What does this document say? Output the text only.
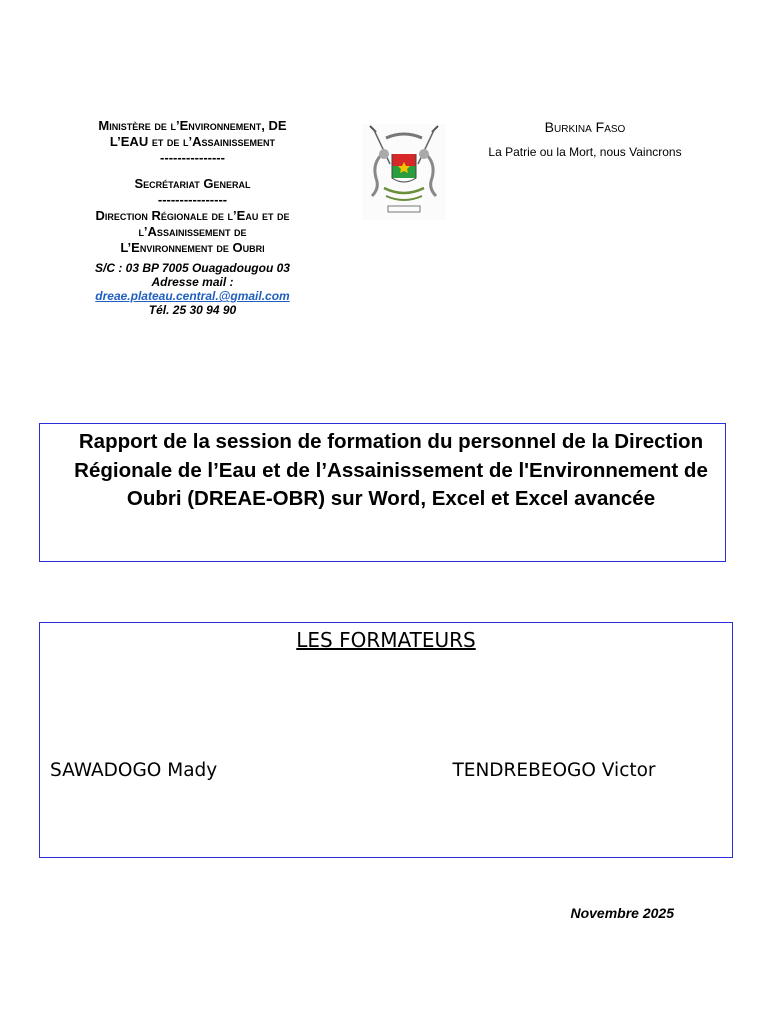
Ministère de l’Environnement, DE
L’EAU et de l’Assainissement
---------------
Secrétariat General
----------------
Direction Régionale de l’Eau et de
l’Assainissement de
L’Environnement de Oubri
S/C : 03 BP 7005 Ouagadougou 03
Adresse mail :
dreae.plateau.central.@gmail.com
Tél. 25 30 94 90
Burkina Faso
La Patrie ou la Mort, nous Vaincrons
Rapport de la session de formation du personnel de la Direction Régionale de l’Eau et de l’Assainissement de l'Environnement de Oubri (DREAE-OBR) sur Word, Excel et Excel avancée
LES FORMATEURS
SAWADOGO Mady                                        TENDREBEOGO Victor
Novembre 2025
